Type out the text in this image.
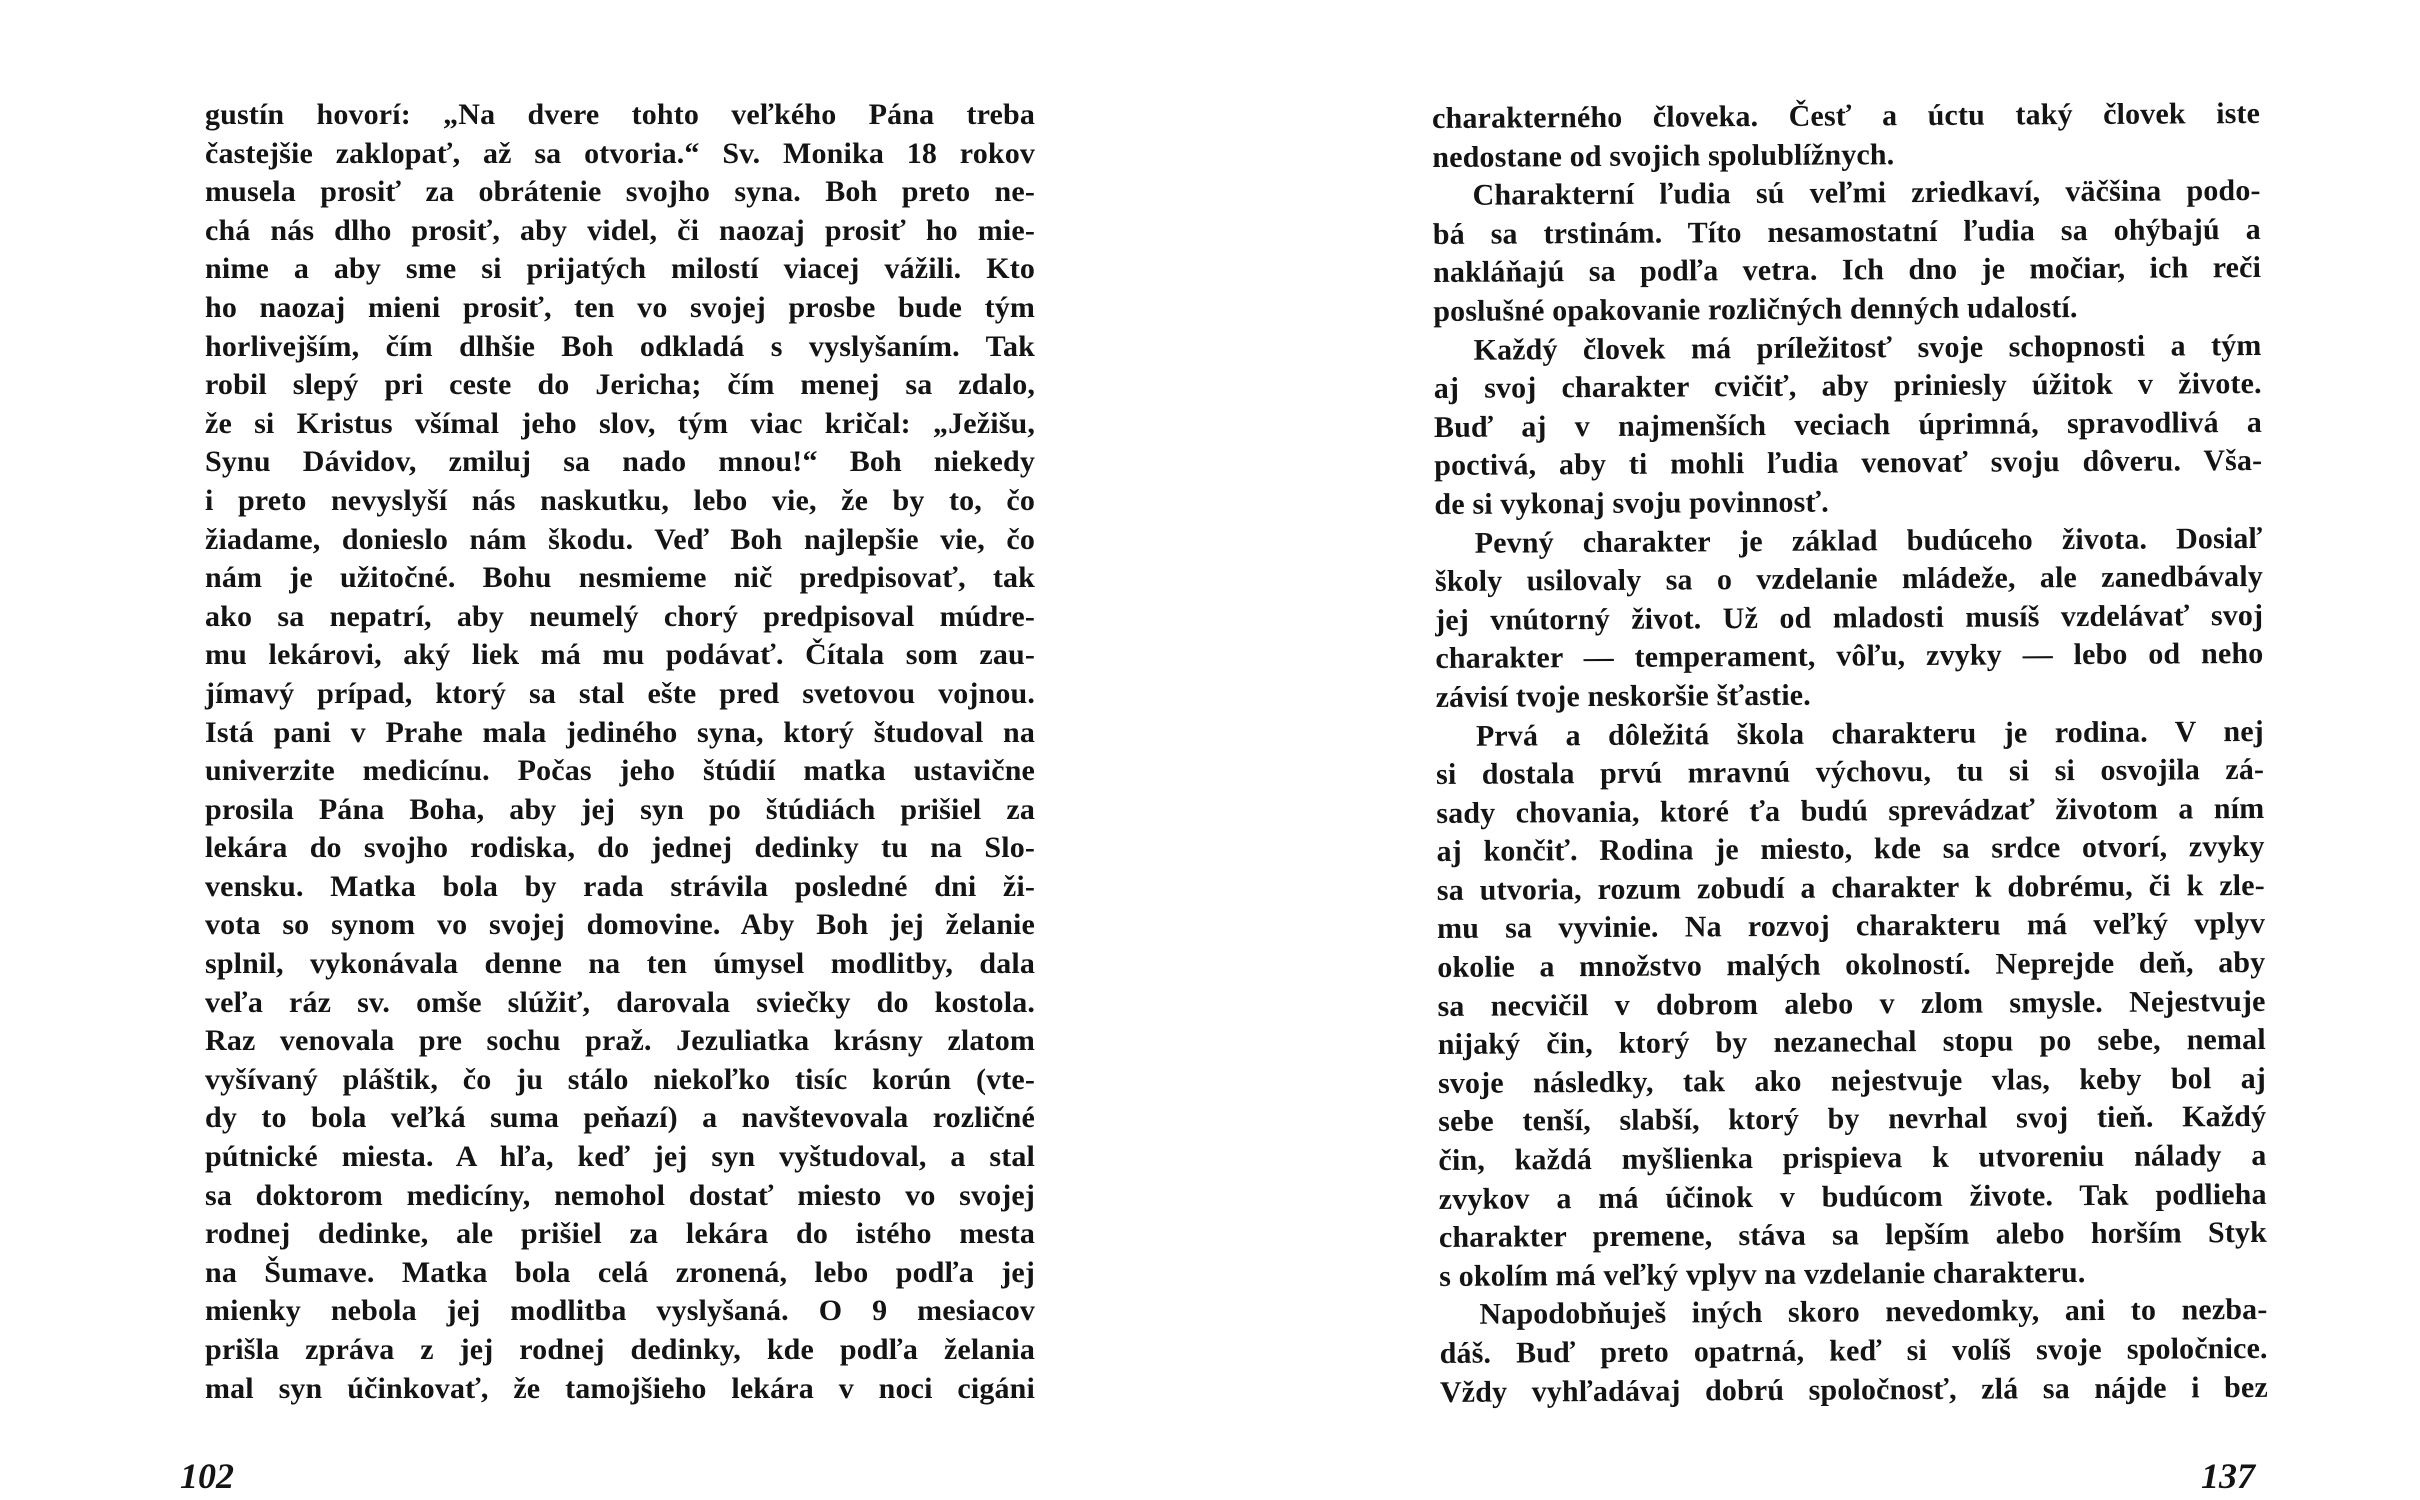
gustín hovorí: „Na dvere tohto veľkého Pána treba
častejšie zaklopať, až sa otvoria.“ Sv. Monika 18 rokov
musela prosiť za obrátenie svojho syna. Boh preto ne-
chá nás dlho prosiť, aby videl, či naozaj prosiť ho mie-
nime a aby sme si prijatých milostí viacej vážili. Kto
ho naozaj mieni prosiť, ten vo svojej prosbe bude tým
horlivejším, čím dlhšie Boh odkladá s vyslyšaním. Tak
robil slepý pri ceste do Jericha; čím menej sa zdalo,
že si Kristus všímal jeho slov, tým viac kričal: „Ježišu,
Synu Dávidov, zmiluj sa nado mnou!“ Boh niekedy
i preto nevyslyší nás naskutku, lebo vie, že by to, čo
žiadame, donieslo nám škodu. Veď Boh najlepšie vie, čo
nám je užitočné. Bohu nesmieme nič predpisovať, tak
ako sa nepatrí, aby neumelý chorý predpisoval múdre-
mu lekárovi, aký liek má mu podávať. Čítala som zau-
jímavý prípad, ktorý sa stal ešte pred svetovou vojnou.
Istá pani v Prahe mala jediného syna, ktorý študoval na
univerzite medicínu. Počas jeho štúdií matka ustavične
prosila Pána Boha, aby jej syn po štúdiách prišiel za
lekára do svojho rodiska, do jednej dedinky tu na Slo-
vensku. Matka bola by rada strávila posledné dni ži-
vota so synom vo svojej domovine. Aby Boh jej želanie
splnil, vykonávala denne na ten úmysel modlitby, dala
veľa ráz sv. omše slúžiť, darovala sviečky do kostola.
Raz venovala pre sochu praž. Jezuliatka krásny zlatom
vyšívaný pláštik, čo ju stálo niekoľko tisíc korún (vte-
dy to bola veľká suma peňazí) a navštevovala rozličné
pútnické miesta. A hľa, keď jej syn vyštudoval, a stal
sa doktorom medicíny, nemohol dostať miesto vo svojej
rodnej dedinke, ale prišiel za lekára do istého mesta
na Šumave. Matka bola celá zronená, lebo podľa jej
mienky nebola jej modlitba vyslyšaná. O 9 mesiacov
prišla zpráva z jej rodnej dedinky, kde podľa želania
mal syn účinkovať, že tamojšieho lekára v noci cigáni
102
charakterného človeka. Česť a úctu taký človek iste
nedostane od svojich spolublížnych.
Charakterní ľudia sú veľmi zriedkaví, väčšina podo-
bá sa trstinám. Títo nesamostatní ľudia sa ohýbajú a
nakláňajú sa podľa vetra. Ich dno je močiar, ich reči
poslušné opakovanie rozličných denných udalostí.
Každý človek má príležitosť svoje schopnosti a tým
aj svoj charakter cvičiť, aby priniesly úžitok v živote.
Buď aj v najmenších veciach úprimná, spravodlivá a
poctivá, aby ti mohli ľudia venovať svoju dôveru. Vša-
de si vykonaj svoju povinnosť.
Pevný charakter je základ budúceho života. Dosiaľ
školy usilovaly sa o vzdelanie mládeže, ale zanedbávaly
jej vnútorný život. Už od mladosti musíš vzdelávať svoj
charakter — temperament, vôľu, zvyky — lebo od neho
závisí tvoje neskoršie šťastie.
Prvá a dôležitá škola charakteru je rodina. V nej
si dostala prvú mravnú výchovu, tu si si osvojila zá-
sady chovania, ktoré ťa budú sprevádzať životom a ním
aj končiť. Rodina je miesto, kde sa srdce otvorí, zvyky
sa utvoria, rozum zobudí a charakter k dobrému, či k zle-
mu sa vyvinie. Na rozvoj charakteru má veľký vplyv
okolie a množstvo malých okolností. Neprejde deň, aby
sa necvičil v dobrom alebo v zlom smysle. Nejestvuje
nijaký čin, ktorý by nezanechal stopu po sebe, nemal
svoje následky, tak ako nejestvuje vlas, keby bol aj
sebe tenší, slabší, ktorý by nevrhal svoj tieň. Každý
čin, každá myšlienka prispieva k utvoreniu nálady a
zvykov a má účinok v budúcom živote. Tak podlieha
charakter premene, stáva sa lepším alebo horším Styk
s okolím má veľký vplyv na vzdelanie charakteru.
Napodobňuješ iných skoro nevedomky, ani to nezba-
dáš. Buď preto opatrná, keď si volíš svoje spoločnice.
Vždy vyhľadávaj dobrú spoločnosť, zlá sa nájde i bez
137
